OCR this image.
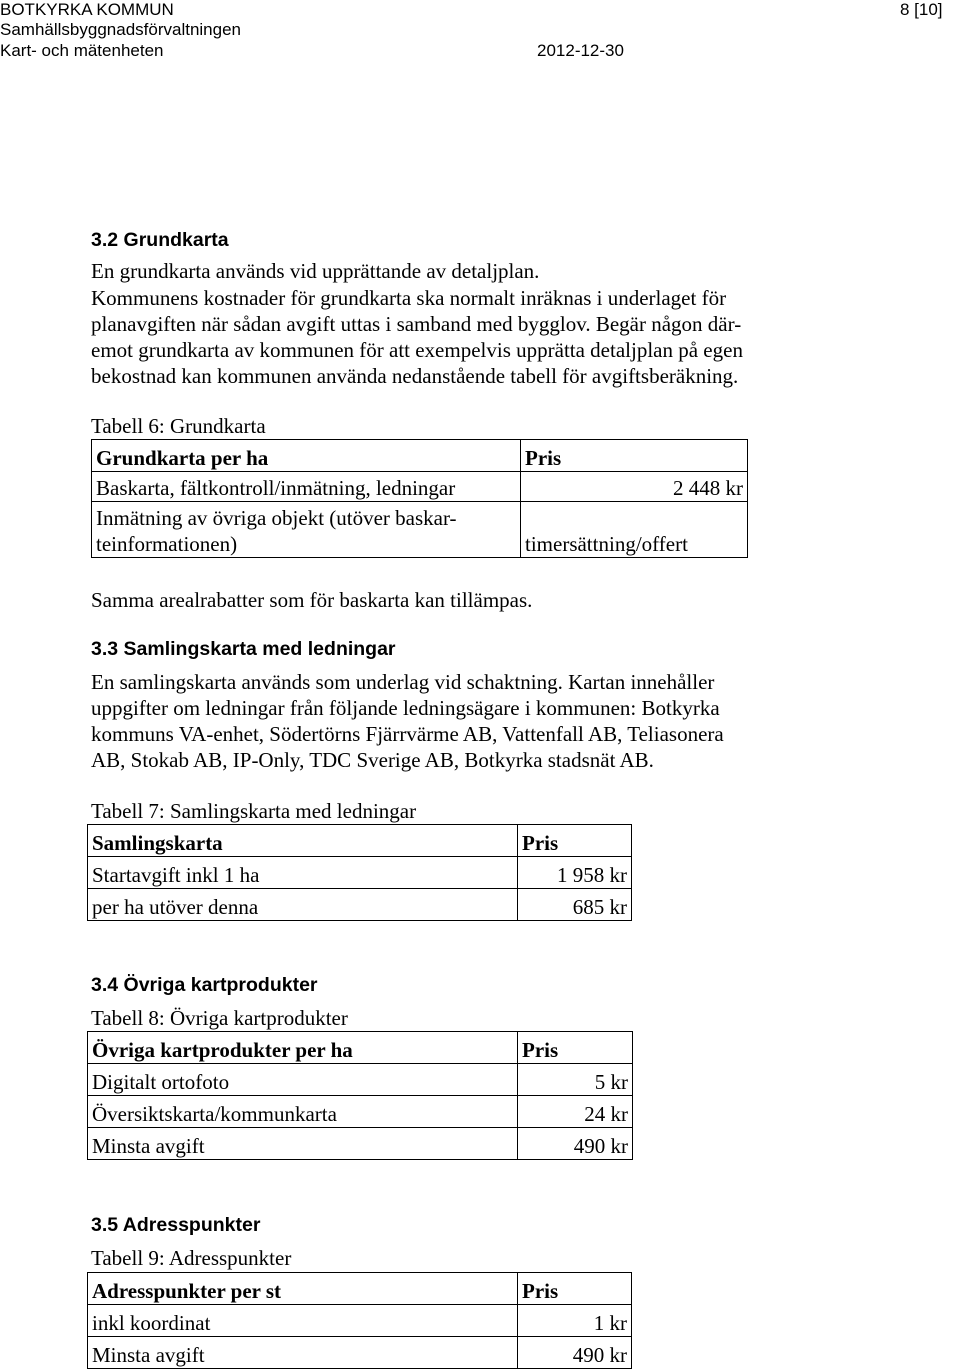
BOTKYRKA KOMMUN
Samhällsbyggnadsförvaltningen
Kart- och mätenheten
8 [10]
2012-12-30
3.2 Grundkarta
En grundkarta används vid upprättande av detaljplan.
Kommunens kostnader för grundkarta ska normalt inräknas i underlaget för
planavgiften när sådan avgift uttas i samband med bygglov. Begär någon där-
emot grundkarta av kommunen för att exempelvis upprätta detaljplan på egen
bekostnad kan kommunen använda nedanstående tabell för avgiftsberäkning.
Tabell 6: Grundkarta
Grundkarta per ha	Pris
Baskarta, fältkontroll/inmätning, ledningar	2 448 kr
Inmätning av övriga objekt (utöver baskar-
teinformationen)	timersättning/offert
Samma arealrabatter som för baskarta kan tillämpas.
3.3 Samlingskarta med ledningar
En samlingskarta används som underlag vid schaktning. Kartan innehåller
uppgifter om ledningar från följande ledningsägare i kommunen: Botkyrka
kommuns VA-enhet, Södertörns Fjärrvärme AB, Vattenfall AB, Teliasonera
AB, Stokab AB, IP-Only, TDC Sverige AB, Botkyrka stadsnät AB.
Tabell 7: Samlingskarta med ledningar
Samlingskarta	Pris
Startavgift inkl 1 ha	1 958 kr
per ha utöver denna	685 kr
3.4 Övriga kartprodukter
Tabell 8: Övriga kartprodukter
Övriga kartprodukter per ha	Pris
Digitalt ortofoto	5 kr
Översiktskarta/kommunkarta	24 kr
Minsta avgift	490 kr
3.5 Adresspunkter
Tabell 9: Adresspunkter
Adresspunkter per st	Pris
inkl koordinat	1 kr
Minsta avgift	490 kr
